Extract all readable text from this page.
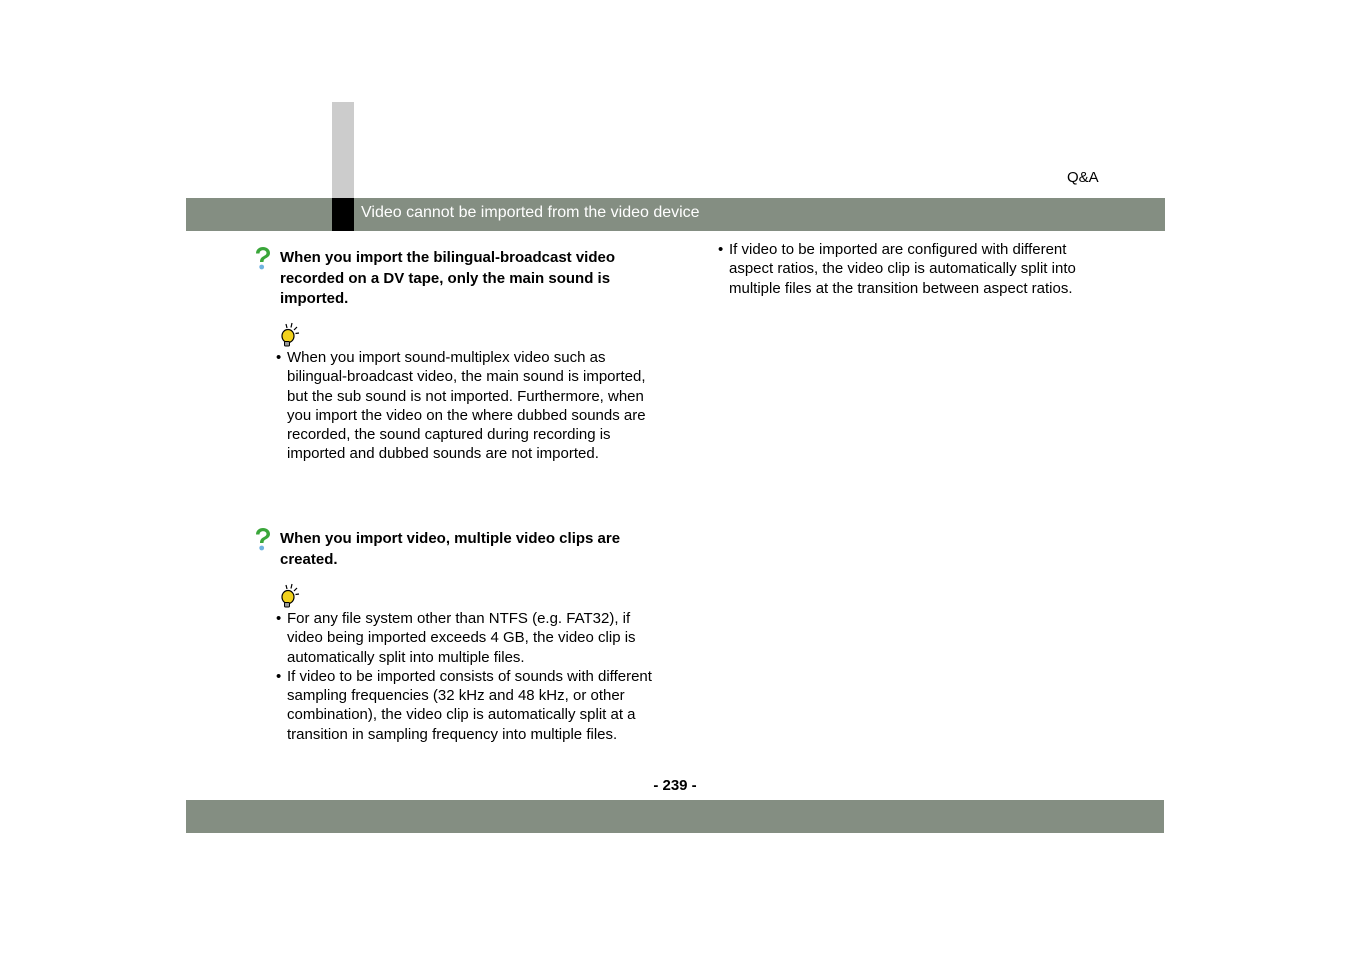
Q&A
Video cannot be imported from the video device
When you import the bilingual-broadcast video recorded on a DV tape, only the main sound is imported.
• When you import sound-multiplex video such as bilingual-broadcast video, the main sound is imported, but the sub sound is not imported. Furthermore, when you import the video on the where dubbed sounds are recorded, the sound captured during recording is imported and dubbed sounds are not imported.
When you import video, multiple video clips are created.
• For any file system other than NTFS (e.g. FAT32), if video being imported exceeds 4 GB, the video clip is automatically split into multiple files.
• If video to be imported consists of sounds with different sampling frequencies (32 kHz and 48 kHz, or other combination), the video clip is automatically split at a transition in sampling frequency into multiple files.
• If video to be imported are configured with different aspect ratios, the video clip is automatically split into multiple files at the transition between aspect ratios.
- 239 -
